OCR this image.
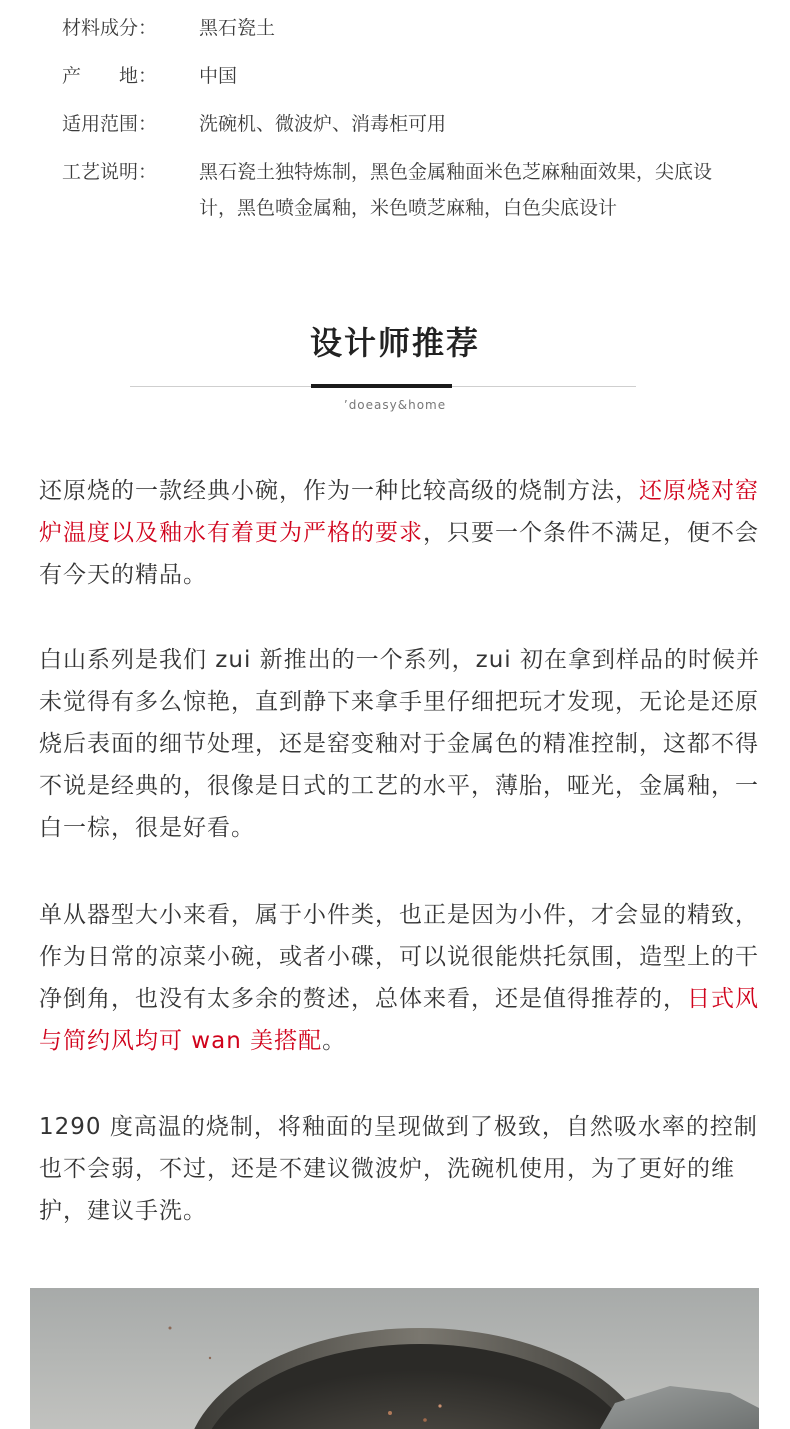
材料成分： 黑石瓷土
产　　地： 中国
适用范围： 洗碗机、微波炉、消毒柜可用
工艺说明： 黑石瓷土独特炼制，黑色金属釉面米色芝麻釉面效果，尖底设计，黑色喷金属釉，米色喷芝麻釉，白色尖底设计
设计师推荐
’doeasy&home

还原烧的一款经典小碗，作为一种比较高级的烧制方法，还原烧对窑炉温度以及釉水有着更为严格的要求，只要一个条件不满足，便不会有今天的精品。

白山系列是我们 zui 新推出的一个系列，zui 初在拿到样品的时候并未觉得有多么惊艳，直到静下来拿手里仔细把玩才发现，无论是还原烧后表面的细节处理，还是窑变釉对于金属色的精准控制，这都不得不说是经典的，很像是日式的工艺的水平，薄胎，哑光，金属釉，一白一棕，很是好看。

单从器型大小来看，属于小件类，也正是因为小件，才会显的精致，作为日常的凉菜小碗，或者小碟，可以说很能烘托氛围，造型上的干净倒角，也没有太多余的赘述，总体来看，还是值得推荐的，日式风与简约风均可 wan 美搭配。

1290 度高温的烧制，将釉面的呈现做到了极致，自然吸水率的控制也不会弱，不过，还是不建议微波炉，洗碗机使用，为了更好的维护，建议手洗。
